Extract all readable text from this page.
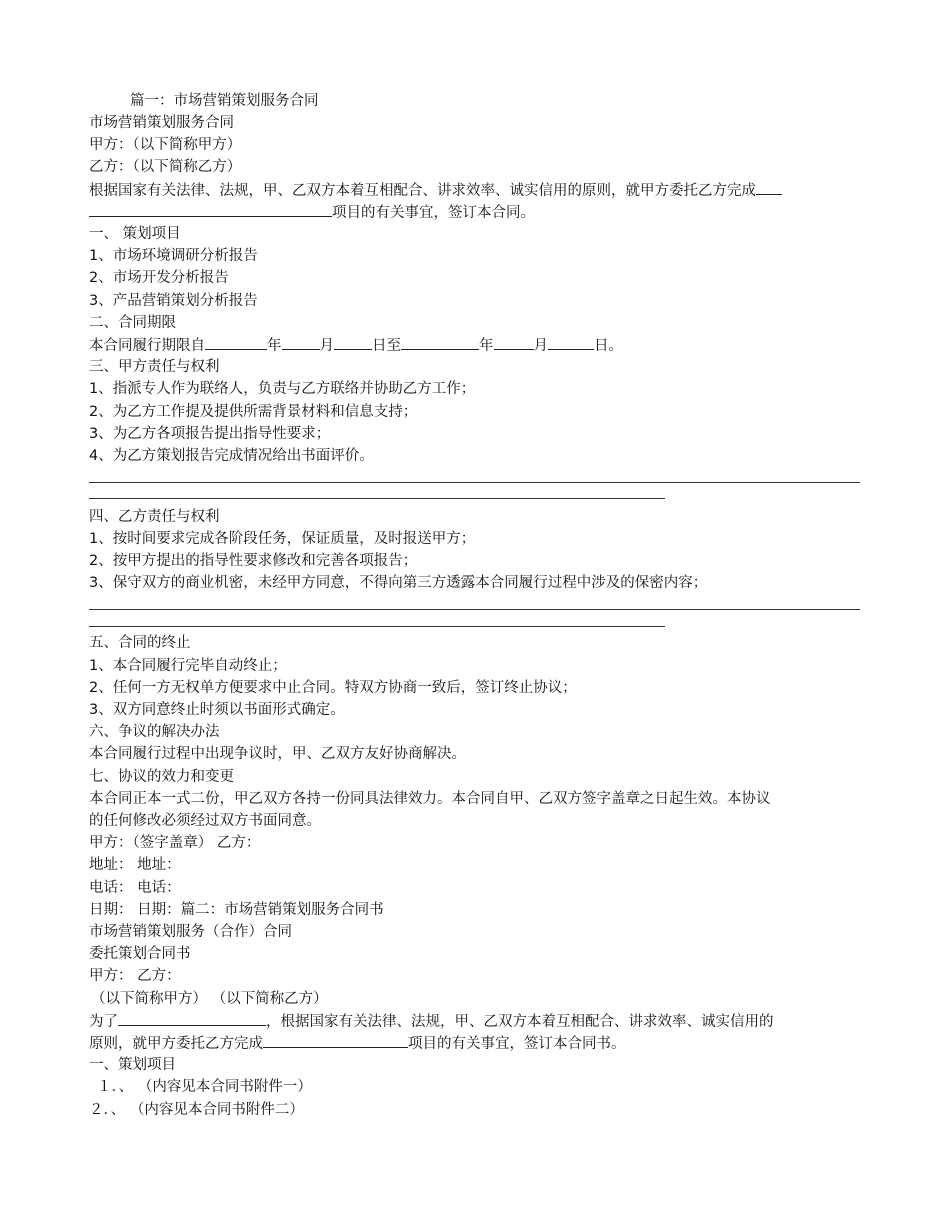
篇一：市场营销策划服务合同
市场营销策划服务合同
甲方：（以下简称甲方）
乙方：（以下简称乙方）
根据国家有关法律、法规，甲、乙双方本着互相配合、讲求效率、诚实信用的原则，就甲方委托乙方完成
项目的有关事宜，签订本合同。
一、 策划项目
1、市场环境调研分析报告
2、市场开发分析报告
3、产品营销策划分析报告
二、合同期限
本合同履行期限自	年	月	日至	年	月	日。
三、甲方责任与权利
1、指派专人作为联络人，负责与乙方联络并协助乙方工作；
2、为乙方工作提及提供所需背景材料和信息支持；
3、为乙方各项报告提出指导性要求；
4、为乙方策划报告完成情况给出书面评价。
四、乙方责任与权利
1、按时间要求完成各阶段任务，保证质量，及时报送甲方；
2、按甲方提出的指导性要求修改和完善各项报告；
3、保守双方的商业机密，未经甲方同意，不得向第三方透露本合同履行过程中涉及的保密内容；
五、合同的终止
1、本合同履行完毕自动终止；
2、任何一方无权单方便要求中止合同。特双方协商一致后，签订终止协议；
3、双方同意终止时须以书面形式确定。
六、争议的解决办法
本合同履行过程中出现争议时，甲、乙双方友好协商解决。
七、协议的效力和变更
本合同正本一式二份，甲乙双方各持一份同具法律效力。本合同自甲、乙双方签字盖章之日起生效。本协议
的任何修改必须经过双方书面同意。
甲方：（签字盖章） 乙方：
地址： 地址：
电话： 电话：
日期： 日期：篇二：市场营销策划服务合同书
市场营销策划服务（合作）合同
委托策划合同书
甲方： 乙方：
（以下简称甲方） （以下简称乙方）
为了	，根据国家有关法律、法规，甲、乙双方本着互相配合、讲求效率、诚实信用的
原则，就甲方委托乙方完成	项目的有关事宜，签订本合同书。
一、策划项目
１．、 （内容见本合同书附件一）
２．、 （内容见本合同书附件二）
